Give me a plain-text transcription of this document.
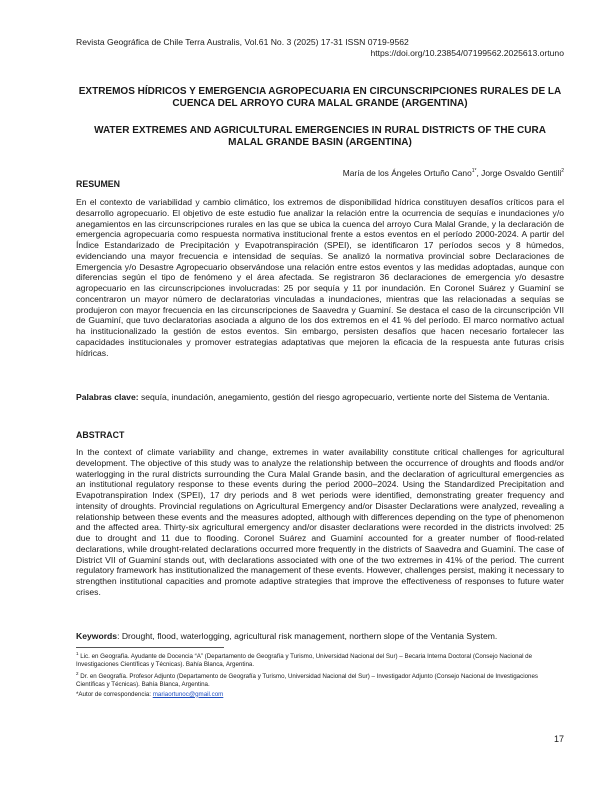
Revista Geográfica de Chile Terra Australis, Vol.61 No. 3 (2025) 17-31 ISSN 0719-9562
https://doi.org/10.23854/07199562.2025613.ortuno
EXTREMOS HÍDRICOS Y EMERGENCIA AGROPECUARIA EN CIRCUNSCRIPCIONES RURALES DE LA CUENCA DEL ARROYO CURA MALAL GRANDE (ARGENTINA)
WATER EXTREMES AND AGRICULTURAL EMERGENCIES IN RURAL DISTRICTS OF THE CURA MALAL GRANDE BASIN (ARGENTINA)
María de los Ángeles Ortuño Cano$^{1*}$, Jorge Osvaldo Gentili$^2$
RESUMEN

En el contexto de variabilidad y cambio climático, los extremos de disponibilidad hídrica constituyen desafíos críticos para el desarrollo agropecuario. El objetivo de este estudio fue analizar la relación entre la ocurrencia de sequías e inundaciones y/o anegamientos en las circunscripciones rurales en las que se ubica la cuenca del arroyo Cura Malal Grande, y la declaración de emergencia agropecuaria como respuesta normativa institucional frente a estos eventos en el período 2000-2024. A partir del Índice Estandarizado de Precipitación y Evapotranspiración (SPEI), se identificaron 17 períodos secos y 8 húmedos, evidenciando una mayor frecuencia e intensidad de sequías. Se analizó la normativa provincial sobre Declaraciones de Emergencia y/o Desastre Agropecuario observándose una relación entre estos eventos y las medidas adoptadas, aunque con diferencias según el tipo de fenómeno y el área afectada. Se registraron 36 declaraciones de emergencia y/o desastre agropecuario en las circunscripciones involucradas: 25 por sequía y 11 por inundación. En Coronel Suárez y Guaminí se concentraron un mayor número de declaratorias vinculadas a inundaciones, mientras que las relacionadas a sequías se produjeron con mayor frecuencia en las circunscripciones de Saavedra y Guaminí. Se destaca el caso de la circunscripción VII de Guaminí, que tuvo declaratorias asociada a alguno de los dos extremos en el 41 % del período. El marco normativo actual ha institucionalizado la gestión de estos eventos. Sin embargo, persisten desafíos que hacen necesario fortalecer las capacidades institucionales y promover estrategias adaptativas que mejoren la eficacia de la respuesta ante futuras crisis hídricas.

Palabras clave: sequía, inundación, anegamiento, gestión del riesgo agropecuario, vertiente norte del Sistema de Ventania.

ABSTRACT

In the context of climate variability and change, extremes in water availability constitute critical challenges for agricultural development. The objective of this study was to analyze the relationship between the occurrence of droughts and floods and/or waterlogging in the rural districts surrounding the Cura Malal Grande basin, and the declaration of agricultural emergencies as an institutional regulatory response to these events during the period 2000–2024. Using the Standardized Precipitation and Evapotranspiration Index (SPEI), 17 dry periods and 8 wet periods were identified, demonstrating greater frequency and intensity of droughts. Provincial regulations on Agricultural Emergency and/or Disaster Declarations were analyzed, revealing a relationship between these events and the measures adopted, although with differences depending on the type of phenomenon and the affected area. Thirty-six agricultural emergency and/or disaster declarations were recorded in the districts involved: 25 due to drought and 11 due to flooding. Coronel Suárez and Guaminí accounted for a greater number of flood-related declarations, while drought-related declarations occurred more frequently in the districts of Saavedra and Guaminí. The case of District VII of Guaminí stands out, with declarations associated with one of the two extremes in 41% of the period. The current regulatory framework has institutionalized the management of these events. However, challenges persist, making it necessary to strengthen institutional capacities and promote adaptive strategies that improve the effectiveness of responses to future water crises.

Keywords: Drought, flood, waterlogging, agricultural risk management, northern slope of the Ventania System.

$^1$ Lic. en Geografía. Ayudante de Docencia “A” (Departamento de Geografía y Turismo, Universidad Nacional del Sur) – Becaria Interna Doctoral (Consejo Nacional de Investigaciones Científicas y Técnicas). Bahía Blanca, Argentina.

$^2$ Dr. en Geografía. Profesor Adjunto (Departamento de Geografía y Turismo, Universidad Nacional del Sur) – Investigador Adjunto (Consejo Nacional de Investigaciones Científicas y Técnicas). Bahía Blanca, Argentina.

*Autor de correspondencia: mariaortunoc@gmail.com

17
